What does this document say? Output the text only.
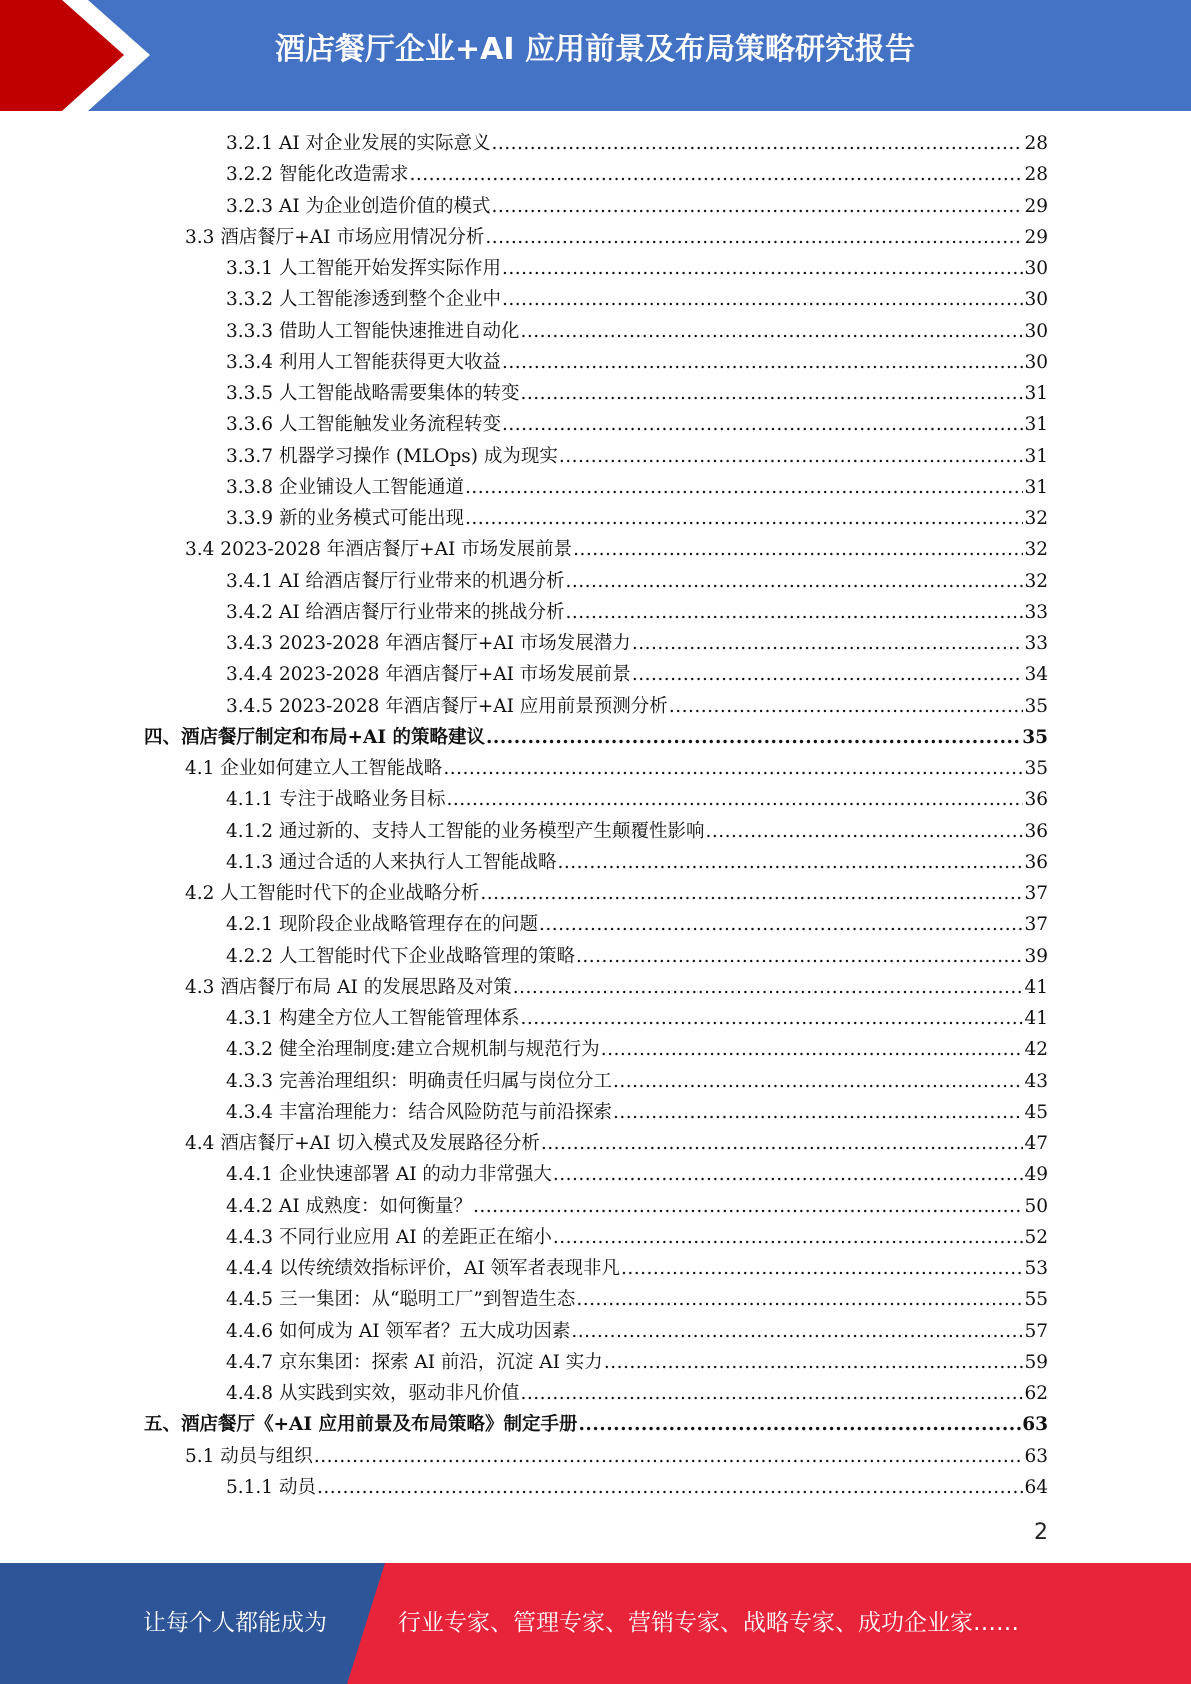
酒店餐厅企业+AI 应用前景及布局策略研究报告
3.2.1 AI 对企业发展的实际意义 .....	28
3.2.2 智能化改造需求 .....	28
3.2.3 AI 为企业创造价值的模式 .....	29
3.3 酒店餐厅+AI 市场应用情况分析 .....	29
3.3.1 人工智能开始发挥实际作用 .....	30
3.3.2 人工智能渗透到整个企业中 .....	30
3.3.3 借助人工智能快速推进自动化 .....	30
3.3.4 利用人工智能获得更大收益 .....	30
3.3.5 人工智能战略需要集体的转变 .....	31
3.3.6 人工智能触发业务流程转变 .....	31
3.3.7 机器学习操作 (MLOps) 成为现实 .....	31
3.3.8 企业铺设人工智能通道 .....	31
3.3.9 新的业务模式可能出现 .....	32
3.4 2023-2028 年酒店餐厅+AI 市场发展前景 .....	32
3.4.1 AI 给酒店餐厅行业带来的机遇分析 .....	32
3.4.2 AI 给酒店餐厅行业带来的挑战分析 .....	33
3.4.3 2023-2028 年酒店餐厅+AI 市场发展潜力 .....	33
3.4.4 2023-2028 年酒店餐厅+AI 市场发展前景 .....	34
3.4.5 2023-2028 年酒店餐厅+AI 应用前景预测分析 .....	35
四、酒店餐厅制定和布局+AI 的策略建议 .....	35
4.1 企业如何建立人工智能战略 .....	35
4.1.1 专注于战略业务目标 .....	36
4.1.2 通过新的、支持人工智能的业务模型产生颠覆性影响 .....	36
4.1.3 通过合适的人来执行人工智能战略 .....	36
4.2 人工智能时代下的企业战略分析 .....	37
4.2.1 现阶段企业战略管理存在的问题 .....	37
4.2.2 人工智能时代下企业战略管理的策略 .....	39
4.3 酒店餐厅布局 AI 的发展思路及对策 .....	41
4.3.1 构建全方位人工智能管理体系 .....	41
4.3.2 健全治理制度:建立合规机制与规范行为 .....	42
4.3.3 完善治理组织：明确责任归属与岗位分工 .....	43
4.3.4 丰富治理能力：结合风险防范与前沿探索 .....	45
4.4 酒店餐厅+AI 切入模式及发展路径分析 .....	47
4.4.1 企业快速部署 AI 的动力非常强大 .....	49
4.4.2 AI 成熟度：如何衡量？ .....	50
4.4.3 不同行业应用 AI 的差距正在缩小 .....	52
4.4.4 以传统绩效指标评价，AI 领军者表现非凡 .....	53
4.4.5 三一集团：从“聪明工厂”到智造生态 .....	55
4.4.6 如何成为 AI 领军者？五大成功因素 .....	57
4.4.7 京东集团：探索 AI 前沿，沉淀 AI 实力 .....	59
4.4.8 从实践到实效，驱动非凡价值 .....	62
五、酒店餐厅《+AI 应用前景及布局策略》制定手册 .....	63
5.1 动员与组织 .....	63
5.1.1 动员 .....	64
2
让每个人都能成为	行业专家、管理专家、营销专家、战略专家、成功企业家……
